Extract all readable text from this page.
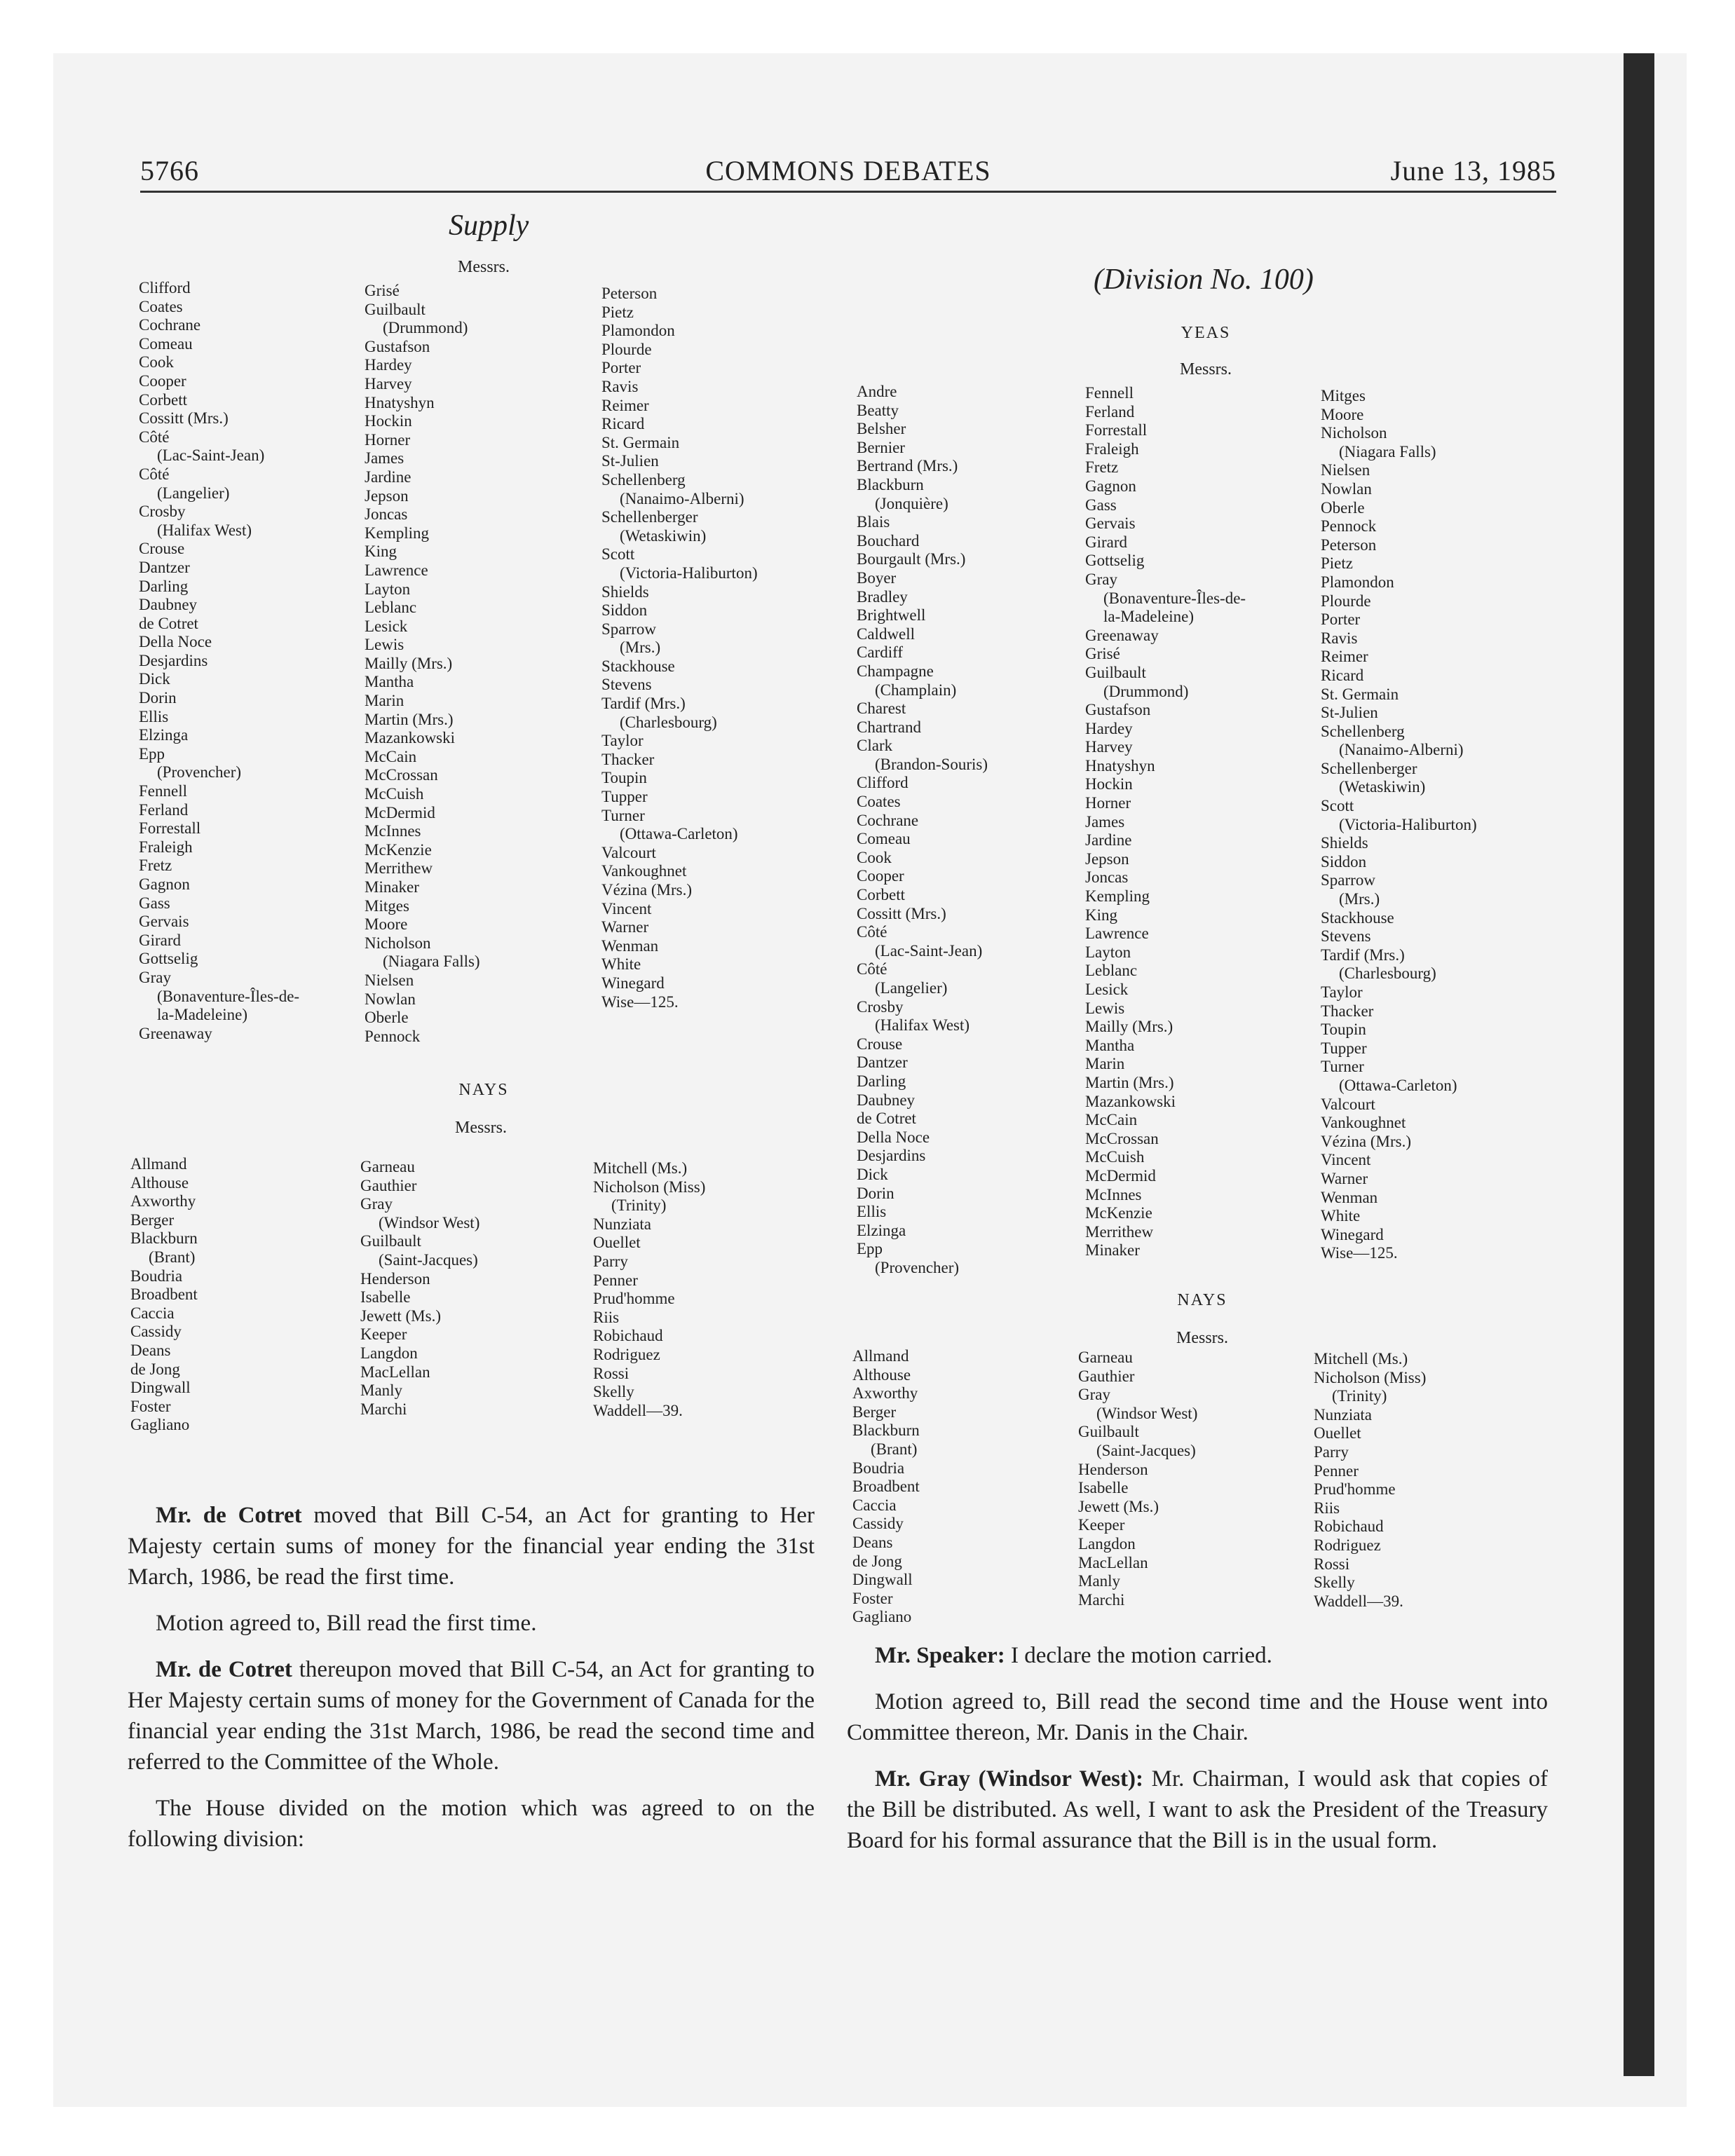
5766	COMMONS DEBATES	June 13, 1985
Supply
Messrs.
Clifford
Coates
Cochrane
Comeau
Cook
Cooper
Corbett
Cossitt (Mrs.)
Côté
(Lac-Saint-Jean)
Côté
(Langelier)
Crosby
(Halifax West)
Crouse
Dantzer
Darling
Daubney
de Cotret
Della Noce
Desjardins
Dick
Dorin
Ellis
Elzinga
Epp
(Provencher)
Fennell
Ferland
Forrestall
Fraleigh
Fretz
Gagnon
Gass
Gervais
Girard
Gottselig
Gray
(Bonaventure-Îles-de-
la-Madeleine)
Greenaway
Grisé
Guilbault
(Drummond)
Gustafson
Hardey
Harvey
Hnatyshyn
Hockin
Horner
James
Jardine
Jepson
Joncas
Kempling
King
Lawrence
Layton
Leblanc
Lesick
Lewis
Mailly (Mrs.)
Mantha
Marin
Martin (Mrs.)
Mazankowski
McCain
McCrossan
McCuish
McDermid
McInnes
McKenzie
Merrithew
Minaker
Mitges
Moore
Nicholson
(Niagara Falls)
Nielsen
Nowlan
Oberle
Pennock
Peterson
Pietz
Plamondon
Plourde
Porter
Ravis
Reimer
Ricard
St. Germain
St-Julien
Schellenberg
(Nanaimo-Alberni)
Schellenberger
(Wetaskiwin)
Scott
(Victoria-Haliburton)
Shields
Siddon
Sparrow
(Mrs.)
Stackhouse
Stevens
Tardif (Mrs.)
(Charlesbourg)
Taylor
Thacker
Toupin
Tupper
Turner
(Ottawa-Carleton)
Valcourt
Vankoughnet
Vézina (Mrs.)
Vincent
Warner
Wenman
White
Winegard
Wise—125.
NAYS
Messrs.
Allmand
Althouse
Axworthy
Berger
Blackburn
(Brant)
Boudria
Broadbent
Caccia
Cassidy
Deans
de Jong
Dingwall
Foster
Gagliano
Garneau
Gauthier
Gray
(Windsor West)
Guilbault
(Saint-Jacques)
Henderson
Isabelle
Jewett (Ms.)
Keeper
Langdon
MacLellan
Manly
Marchi
Mitchell (Ms.)
Nicholson (Miss)
(Trinity)
Nunziata
Ouellet
Parry
Penner
Prud'homme
Riis
Robichaud
Rodriguez
Rossi
Skelly
Waddell—39.

Mr. de Cotret moved that Bill C-54, an Act for granting to Her Majesty certain sums of money for the financial year ending the 31st March, 1986, be read the first time.

Motion agreed to, Bill read the first time.

Mr. de Cotret thereupon moved that Bill C-54, an Act for granting to Her Majesty certain sums of money for the Government of Canada for the financial year ending the 31st March, 1986, be read the second time and referred to the Committee of the Whole.

The House divided on the motion which was agreed to on the following division:

(Division No. 100)
YEAS
Messrs.
Andre
Beatty
Belsher
Bernier
Bertrand (Mrs.)
Blackburn
(Jonquière)
Blais
Bouchard
Bourgault (Mrs.)
Boyer
Bradley
Brightwell
Caldwell
Cardiff
Champagne
(Champlain)
Charest
Chartrand
Clark
(Brandon-Souris)
Clifford
Coates
Cochrane
Comeau
Cook
Cooper
Corbett
Cossitt (Mrs.)
Côté
(Lac-Saint-Jean)
Côté
(Langelier)
Crosby
(Halifax West)
Crouse
Dantzer
Darling
Daubney
de Cotret
Della Noce
Desjardins
Dick
Dorin
Ellis
Elzinga
Epp
(Provencher)
Fennell
Ferland
Forrestall
Fraleigh
Fretz
Gagnon
Gass
Gervais
Girard
Gottselig
Gray
(Bonaventure-Îles-de-
la-Madeleine)
Greenaway
Grisé
Guilbault
(Drummond)
Gustafson
Hardey
Harvey
Hnatyshyn
Hockin
Horner
James
Jardine
Jepson
Joncas
Kempling
King
Lawrence
Layton
Leblanc
Lesick
Lewis
Mailly (Mrs.)
Mantha
Marin
Martin (Mrs.)
Mazankowski
McCain
McCrossan
McCuish
McDermid
McInnes
McKenzie
Merrithew
Minaker
Mitges
Moore
Nicholson
(Niagara Falls)
Nielsen
Nowlan
Oberle
Pennock
Peterson
Pietz
Plamondon
Plourde
Porter
Ravis
Reimer
Ricard
St. Germain
St-Julien
Schellenberg
(Nanaimo-Alberni)
Schellenberger
(Wetaskiwin)
Scott
(Victoria-Haliburton)
Shields
Siddon
Sparrow
(Mrs.)
Stackhouse
Stevens
Tardif (Mrs.)
(Charlesbourg)
Taylor
Thacker
Toupin
Tupper
Turner
(Ottawa-Carleton)
Valcourt
Vankoughnet
Vézina (Mrs.)
Vincent
Warner
Wenman
White
Winegard
Wise—125.
NAYS
Messrs.
Allmand
Althouse
Axworthy
Berger
Blackburn
(Brant)
Boudria
Broadbent
Caccia
Cassidy
Deans
de Jong
Dingwall
Foster
Gagliano
Garneau
Gauthier
Gray
(Windsor West)
Guilbault
(Saint-Jacques)
Henderson
Isabelle
Jewett (Ms.)
Keeper
Langdon
MacLellan
Manly
Marchi
Mitchell (Ms.)
Nicholson (Miss)
(Trinity)
Nunziata
Ouellet
Parry
Penner
Prud'homme
Riis
Robichaud
Rodriguez
Rossi
Skelly
Waddell—39.

Mr. Speaker: I declare the motion carried.

Motion agreed to, Bill read the second time and the House went into Committee thereon, Mr. Danis in the Chair.

Mr. Gray (Windsor West): Mr. Chairman, I would ask that copies of the Bill be distributed. As well, I want to ask the President of the Treasury Board for his formal assurance that the Bill is in the usual form.
